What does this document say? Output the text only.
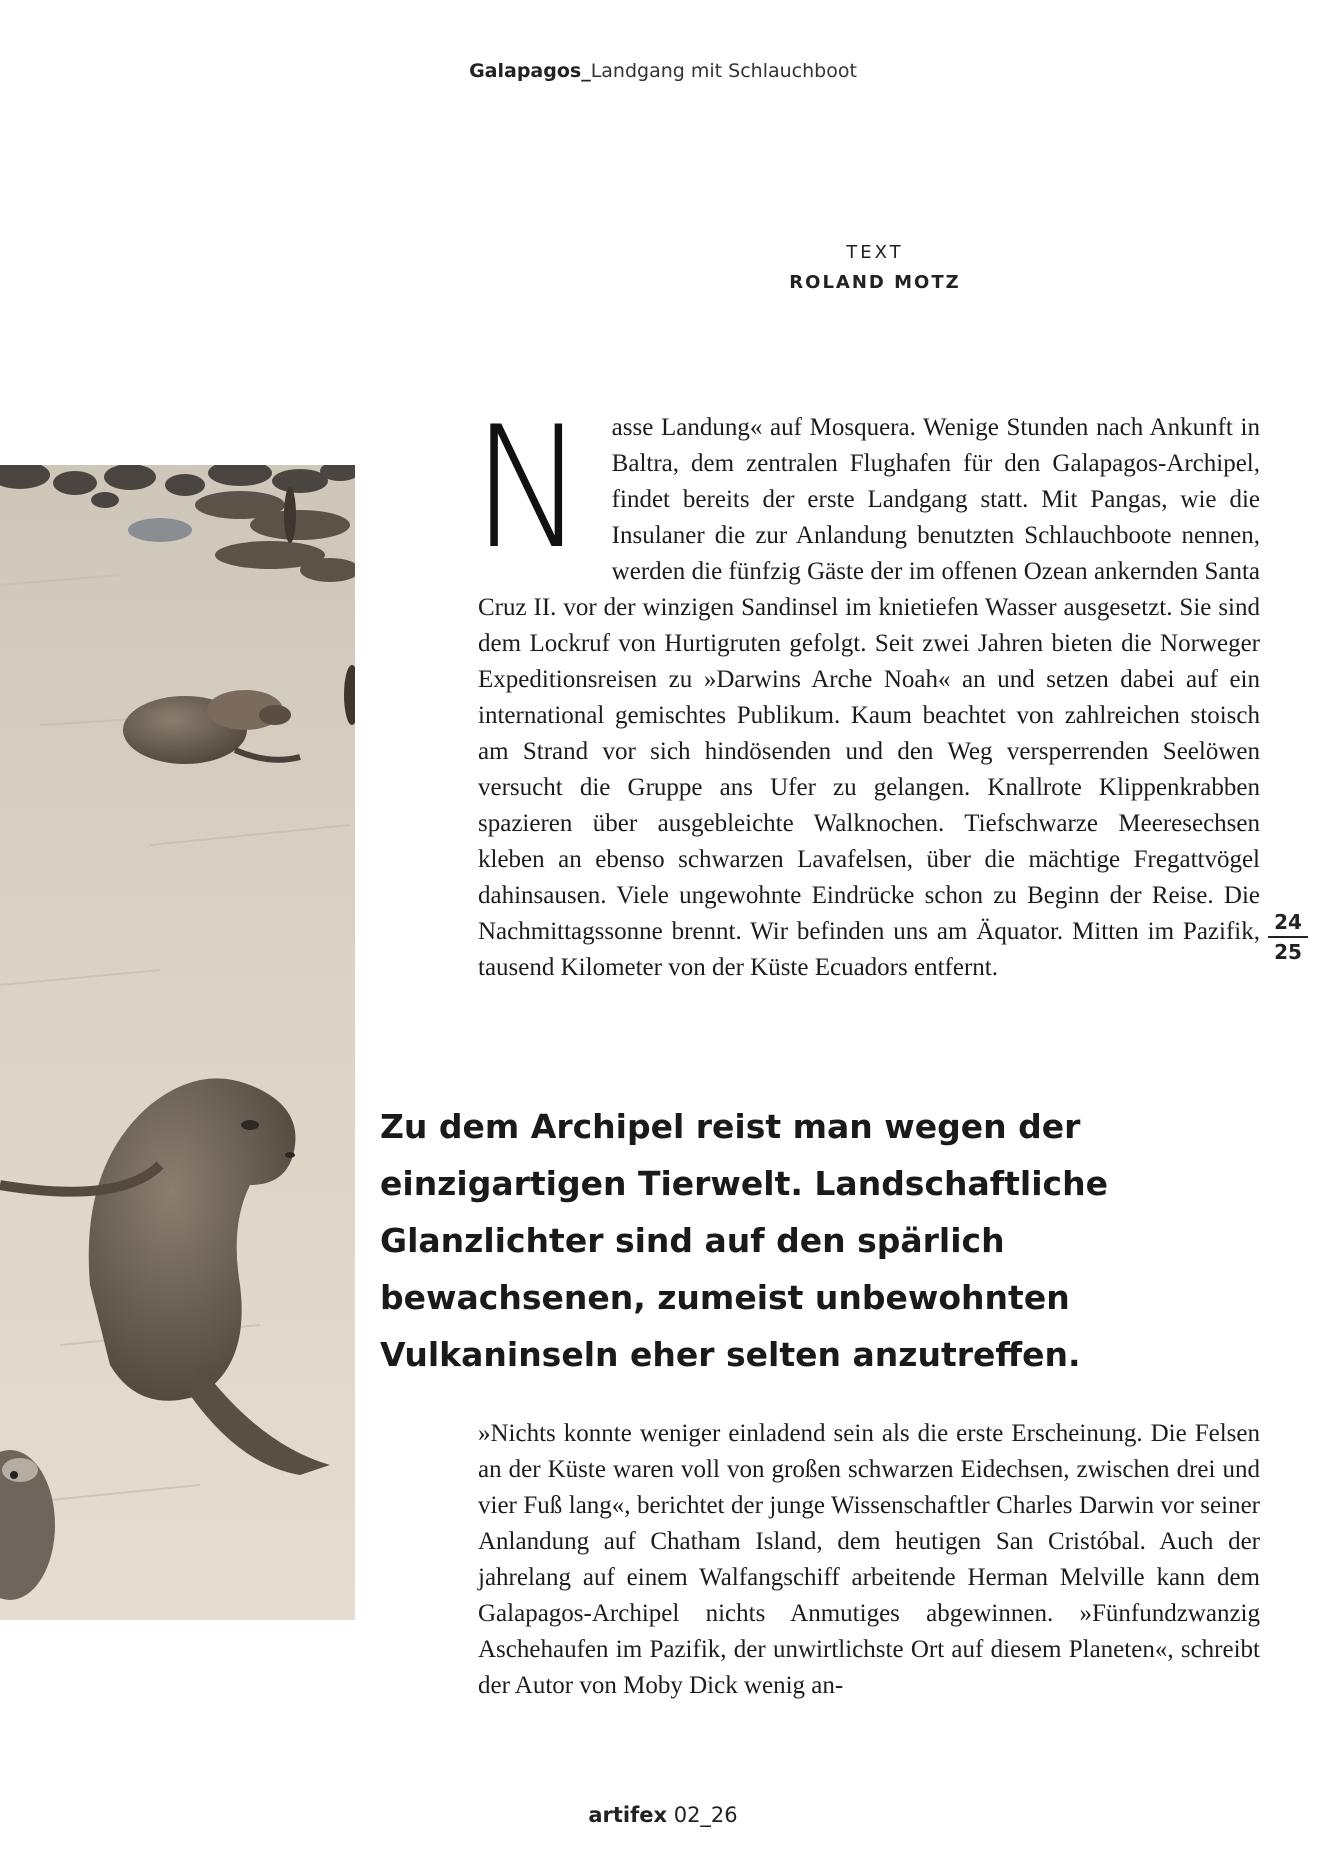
Galapagos_Landgang mit Schlauchboot
TEXT
ROLAND MOTZ
N asse Landung« auf Mosquera. Wenige Stunden nach Ankunft in Baltra, dem zentralen Flughafen für den Galapagos-Archipel, findet bereits der erste Landgang statt. Mit Pangas, wie die Insulaner die zur Anlandung benutzten Schlauchboote nennen, werden die fünfzig Gäste der im offenen Ozean ankernden Santa Cruz II. vor der winzigen Sandinsel im knietiefen Wasser ausgesetzt. Sie sind dem Lockruf von Hurtigruten gefolgt. Seit zwei Jahren bieten die Norweger Expeditionsreisen zu »Darwins Arche Noah« an und setzen dabei auf ein international gemischtes Publikum. Kaum beachtet von zahlreichen stoisch am Strand vor sich hindösenden und den Weg versperrenden Seelöwen versucht die Gruppe ans Ufer zu gelangen. Knallrote Klippenkrabben spazieren über ausgebleichte Walknochen. Tiefschwarze Meeresechsen kleben an ebenso schwarzen Lavafelsen, über die mächtige Fregattvögel dahinsausen. Viele ungewohnte Eindrücke schon zu Beginn der Reise. Die Nachmittagssonne brennt. Wir befinden uns am Äquator. Mitten im Pazifik, tausend Kilometer von der Küste Ecuadors entfernt.
24
25
Zu dem Archipel reist man wegen der einzigartigen Tierwelt. Landschaftliche Glanzlichter sind auf den spärlich bewachsenen, zumeist unbewohnten Vulkaninseln eher selten anzutreffen.
»Nichts konnte weniger einladend sein als die erste Erscheinung. Die Felsen an der Küste waren voll von großen schwarzen Eidechsen, zwischen drei und vier Fuß lang«, berichtet der junge Wissenschaftler Charles Darwin vor seiner Anlandung auf Chatham Island, dem heutigen San Cristóbal. Auch der jahrelang auf einem Walfangschiff arbeitende Herman Melville kann dem Galapagos-Archipel nichts Anmutiges abgewinnen. »Fünfundzwanzig Aschehaufen im Pazifik, der unwirtlichste Ort auf diesem Planeten«, schreibt der Autor von Moby Dick wenig an-
artifex 02_26
